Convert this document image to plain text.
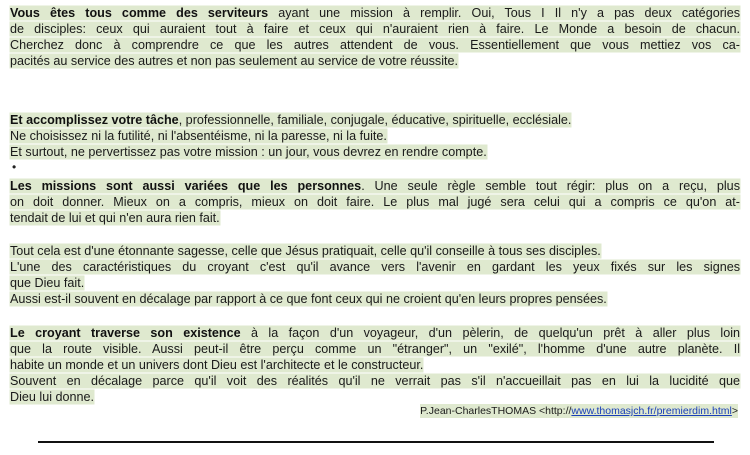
Vous êtes tous comme des serviteurs ayant une mission à remplir. Oui, Tous I Il n'y a pas deux catégories
de disciples: ceux qui auraient tout à faire et ceux qui n'auraient rien à faire. Le Monde a besoin de chacun.
Cherchez donc à comprendre ce que les autres attendent de vous. Essentiellement que vous mettiez vos ca-
pacités au service des autres et non pas seulement au service de votre réussite.
Et accomplissez votre tâche, professionnelle, familiale, conjugale, éducative, spirituelle, ecclésiale.
Ne choisissez ni la futilité, ni l'absentéisme, ni la paresse, ni la fuite.
Et surtout, ne pervertissez pas votre mission : un jour, vous devrez en rendre compte.
•
Les missions sont aussi variées que les personnes. Une seule règle semble tout régir: plus on a reçu, plus
on doit donner. Mieux on a compris, mieux on doit faire. Le plus mal jugé sera celui qui a compris ce qu'on at-
tendait de lui et qui n'en aura rien fait.
Tout cela est d'une étonnante sagesse, celle que Jésus pratiquait, celle qu'il conseille à tous ses disciples.
L'une des caractéristiques du croyant c'est qu'il avance vers l'avenir en gardant les yeux fixés sur les signes
que Dieu fait.
Aussi est-il souvent en décalage par rapport à ce que font ceux qui ne croient qu'en leurs propres pensées.
Le croyant traverse son existence à la façon d'un voyageur, d'un pèlerin, de quelqu'un prêt à aller plus loin
que la route visible. Aussi peut-il être perçu comme un "étranger", un "exilé", l'homme d'une autre planète. Il
habite un monde et un univers dont Dieu est l'architecte et le constructeur.
Souvent en décalage parce qu'il voit des réalités qu'il ne verrait pas s'il n'accueillait pas en lui la lucidité que
Dieu lui donne.
P.Jean-CharlesTHOMAS <http://www.thomasjch.fr/premierdim.html>
